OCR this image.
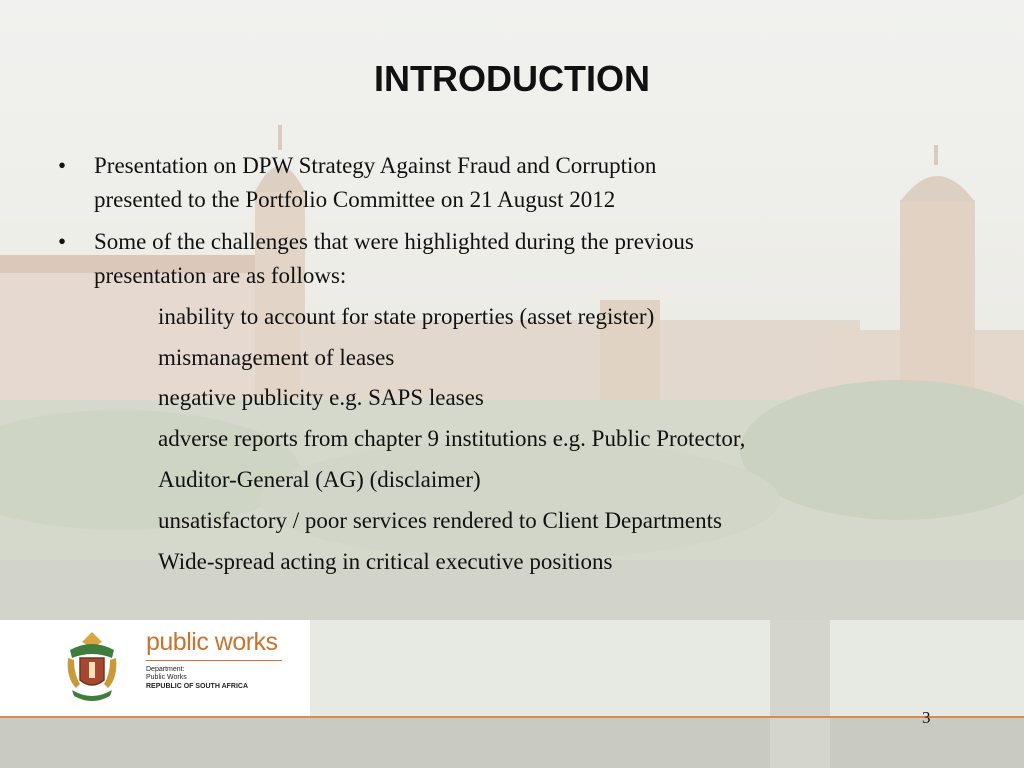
INTRODUCTION
• Presentation on DPW Strategy Against Fraud and Corruption
presented to the Portfolio Committee on 21 August 2012
• Some of the challenges that were highlighted during the previous
presentation are as follows:
inability to account for state properties (asset register)
mismanagement of leases
negative publicity e.g. SAPS leases
adverse reports from chapter 9 institutions e.g. Public Protector,
Auditor-General (AG) (disclaimer)
unsatisfactory / poor services rendered to Client Departments
Wide-spread acting in critical executive positions
public works
Department:
Public Works
REPUBLIC OF SOUTH AFRICA
3
